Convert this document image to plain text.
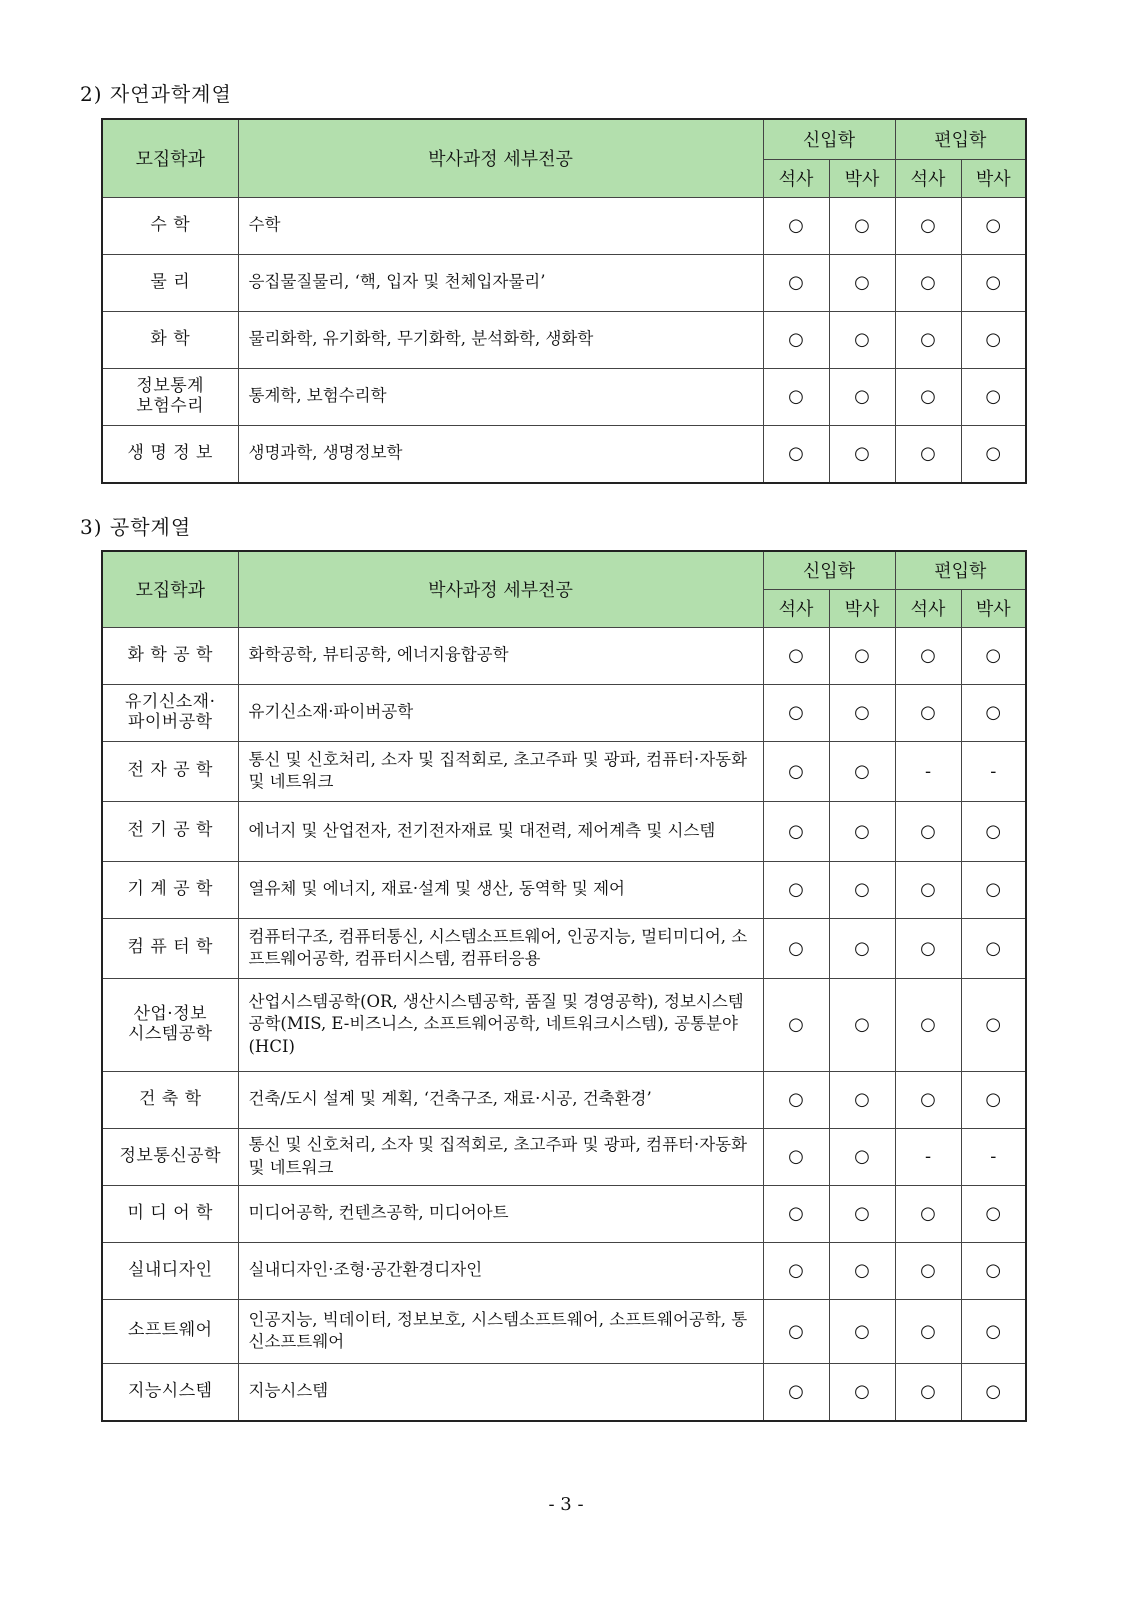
2) 자연과학계열
모집학과	박사과정 세부전공	신입학		편입학	
		석사	박사	석사	박사
수 학	수학	○	○	○	○
물 리	응집물질물리, ‘핵, 입자 및 천체입자물리’	○	○	○	○
화 학	물리화학, 유기화학, 무기화학, 분석화학, 생화학	○	○	○	○
정보통계
보험수리	통계학, 보험수리학	○	○	○	○
생 명 정 보	생명과학, 생명정보학	○	○	○	○
3) 공학계열
모집학과	박사과정 세부전공	신입학		편입학	
		석사	박사	석사	박사
화 학 공 학	화학공학, 뷰티공학, 에너지융합공학	○	○	○	○
유기신소재·
파이버공학	유기신소재·파이버공학	○	○	○	○
전 자 공 학	통신 및 신호처리, 소자 및 집적회로, 초고주파 및 광파, 컴퓨터·자동화 및 네트워크	○	○	-	-
전 기 공 학	에너지 및 산업전자, 전기전자재료 및 대전력, 제어계측 및 시스템	○	○	○	○
기 계 공 학	열유체 및 에너지, 재료·설계 및 생산, 동역학 및 제어	○	○	○	○
컴 퓨 터 학	컴퓨터구조, 컴퓨터통신, 시스템소프트웨어, 인공지능, 멀티미디어, 소프트웨어공학, 컴퓨터시스템, 컴퓨터응용	○	○	○	○
산업·정보
시스템공학	산업시스템공학(OR, 생산시스템공학, 품질 및 경영공학), 정보시스템공학(MIS, E-비즈니스, 소프트웨어공학, 네트워크시스템), 공통분야(HCI)	○	○	○	○
건 축 학	건축/도시 설계 및 계획, ‘건축구조, 재료·시공, 건축환경’	○	○	○	○
정보통신공학	통신 및 신호처리, 소자 및 집적회로, 초고주파 및 광파, 컴퓨터·자동화 및 네트워크	○	○	-	-
미 디 어 학	미디어공학, 컨텐츠공학, 미디어아트	○	○	○	○
실내디자인	실내디자인·조형·공간환경디자인	○	○	○	○
소프트웨어	인공지능, 빅데이터, 정보보호, 시스템소프트웨어, 소프트웨어공학, 통신소프트웨어	○	○	○	○
지능시스템	지능시스템	○	○	○	○
- 3 -
